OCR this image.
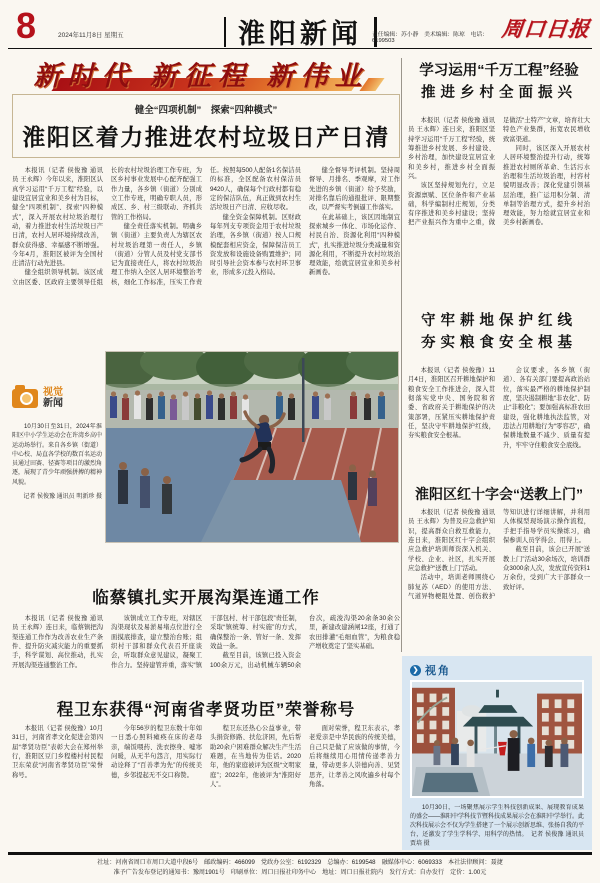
8	2024年11月8日 星期五	淮阳新闻 责任编辑：苏小静　美术编辑：陈琼　电话：6199503	周口日报
新时代 新征程 新伟业
健全“四项机制”　探索“四种模式”
淮阳区着力推进农村垃圾日产日清

本报讯（记者 侯俊豫 通讯员 王永辉）今年以来，淮阳区认真学习运用“千万工程”经验，以建设宜居宜业和美乡村为目标，健全“四项机制”、探索“四种模式”，深入开展农村垃圾治理行动，着力推进农村生活垃圾日产日清，农村人居环境持续改善，群众获得感、幸福感不断增强。今年4月，淮阳区被评为全国村庄清洁行动先进县。

健全组织领导机制。该区成立由区委、区政府主要领导任组长的农村垃圾治理工作专班，为区乡村事业发展中心配齐配强工作力量，各乡镇（街道）分别成立工作专班，明确专职人员，形成区、乡、村三级联动、齐抓共管的工作格局。

健全责任落实机制。明确乡镇（街道）主要负责人为辖区农村垃圾治理第一责任人，乡镇（街道）分管人员及村党支部书记为直接责任人，将农村垃圾治理工作纳入全区人居环境整治考核，细化工作标准，压实工作责任。按照每500人配备1名保洁员的标准，全区配备农村保洁员9420人，确保每个行政村都有稳定的保洁队伍，真正做到农村生活垃圾日产日清、应收尽收。

健全资金保障机制。区财政每年列支专项资金用于农村垃圾治理，各乡镇（街道）按人口规模配套相应资金，保障保洁员工资发放和设施设备购置维护；同时引导社会资本参与农村环卫事业，形成多元投入格局。

健全督导考评机制。坚持周督导、月排名、季观摩，对工作先进的乡镇（街道）给予奖励，对排名靠后的通报批评、限期整改，以严督实考倒逼工作落实。

在此基础上，该区因地制宜探索城乡一体化、市场化运作、村民自治、资源化利用“四种模式”，扎实推进垃圾分类减量和资源化利用，不断提升农村垃圾治理效能，绘就宜居宜业和美乡村新画卷。

视觉
新闻

10月30日至31日，2024年淮阳区中小学生运动会在许湾乡高中运动场举行。来自各乡镇（街道）中心校、局直各学校的数百名运动员通过田赛、径赛等项目的激烈角逐，展现了青少年顽强拼搏的精神风貌。

记者 侯俊豫 通讯员 明新珍 摄
临蔡镇扎实开展沟渠连通工作

本报讯（记者 侯俊豫 通讯员 王永辉）连日来，临蔡镇把沟渠连通工作作为改善农业生产条件、提升防灾减灾能力的重要抓手，科学谋划、高位推动，扎实开展沟渠连通整治工作。

该镇成立工作专班，对辖区沟渠现状及易淤易堵点位进行全面摸底排查，建立整治台账；组织村干部和群众代表召开座谈会，听取群众意见建议，凝聚工作合力。坚持建管并重，落实“镇干部包村、村干部包段”责任制，采取“镇统筹、村实施”的方式，确保整治一条、管好一条、发挥效益一条。

截至目前，该镇已投入资金100余万元，出动机械车辆50余台次，疏浚沟渠20余条30余公里，新建改建涵闸12座，打通了农田排灌“毛细血管”，为粮食稳产增收奠定了坚实基础。

程卫东获得“河南省孝贤功臣”荣誉称号

本报讯（记者 侯俊豫）10月31日，河南省孝文化促进会第四届“孝贤功臣”表彰大会在郑州举行，淮阳区豆门乡程楼村村民程卫东荣获“河南省孝贤功臣”荣誉称号。

今年56岁的程卫东数十年如一日悉心照料瘫痪在床的老母亲，端饭喂药、洗衣擦身、嘘寒问暖，从无半句怨言，用实际行动诠释了“百善孝为先”的传统美德，乡邻提起无不交口称赞。

程卫东还热心公益事业，带头捐资修路、扶危济困，先后帮助20余户困难群众解决生产生活难题，在当地传为佳话。2020年，他的家庭被评为区级“文明家庭”；2022年，他被评为“淮阳好人”。

面对荣誉，程卫东表示，孝老爱亲是中华民族的传统美德，自己只是做了应该做的事情，今后将继续用心用情传递孝善力量，带动更多人崇德向善、见贤思齐，让孝善之风吹遍乡村每个角落。

学习运用“千万工程”经验
推进乡村全面振兴

本报讯（记者 侯俊豫 通讯员 王永辉）连日来，淮阳区坚持学习运用“千万工程”经验，统筹推进乡村发展、乡村建设、乡村治理，加快建设宜居宜业和美乡村，推进乡村全面振兴。

该区坚持规划先行，立足资源禀赋、区位条件和产业基础，科学编制村庄规划，分类有序推进和美乡村建设；坚持把产业振兴作为重中之重，做足做活“土特产”文章，培育壮大特色产业集群，拓宽农民增收致富渠道。

同时，该区深入开展农村人居环境整治提升行动，统筹推进农村厕所革命、生活污水治理和生活垃圾治理，村容村貌明显改善；深化党建引领基层治理，推广运用积分制、清单制等治理方式，提升乡村治理效能，努力绘就宜居宜业和美乡村新画卷。

守牢耕地保护红线
夯实粮食安全根基

本报讯（记者 侯俊豫）11月4日，淮阳区召开耕地保护和粮食安全工作推进会，深入贯彻落实党中央、国务院和省委、省政府关于耕地保护的决策部署，压紧压实耕地保护责任，坚决守牢耕地保护红线，夯实粮食安全根基。

会议要求，各乡镇（街道）、各有关部门要提高政治站位，落实最严格的耕地保护制度，坚决遏制耕地“非农化”、防止“非粮化”；要加强高标准农田建设，强化耕地执法监管，对违法占用耕地行为“零容忍”，确保耕地数量不减少、质量有提升，牢牢守住粮食安全底线。

淮阳区红十字会“送教上门”

本报讯（记者 侯俊豫 通讯员 王永辉）为普及应急救护知识，提高群众自救互救能力，连日来，淮阳区红十字会组织应急救护培训师资深入机关、学校、企业、社区，扎实开展应急救护“送教上门”活动。

活动中，培训老师围绕心肺复苏（AED）的使用方法、气道异物梗阻处置、创伤救护等知识进行详细讲解，并利用人体模型现场演示操作流程，手把手指导学员实操练习，确保参训人员学得会、用得上。

截至目前，该会已开展“送教上门”活动30余场次，培训群众3000余人次，发放宣传资料1万余份，受到广大干部群众一致好评。

❯ 视角

10月30日，一场聚焦展示学生科技创新成果、展现教育成果的盛会——淮阳中学科技节暨科技成果展示会在淮阳中学举行。此次科技展示会不仅为学生搭建了一个展示创新思维、张扬自我的平台，还激发了学生学科学、用科学的热情。　记者 侯俊豫 通讯员 贾培 摄

社址：河南省周口市周口大道中段6号　邮政编码：466099　党政办公室：6192329　总编办：6199548　融媒体中心：6069333　本社法律顾问：聂捷
准予广告发布登记的通知书：豫周1901号　印刷单位：周口日报社印务中心　地址：周口日报社院内　发行方式：自办发行　定价：1.00元
